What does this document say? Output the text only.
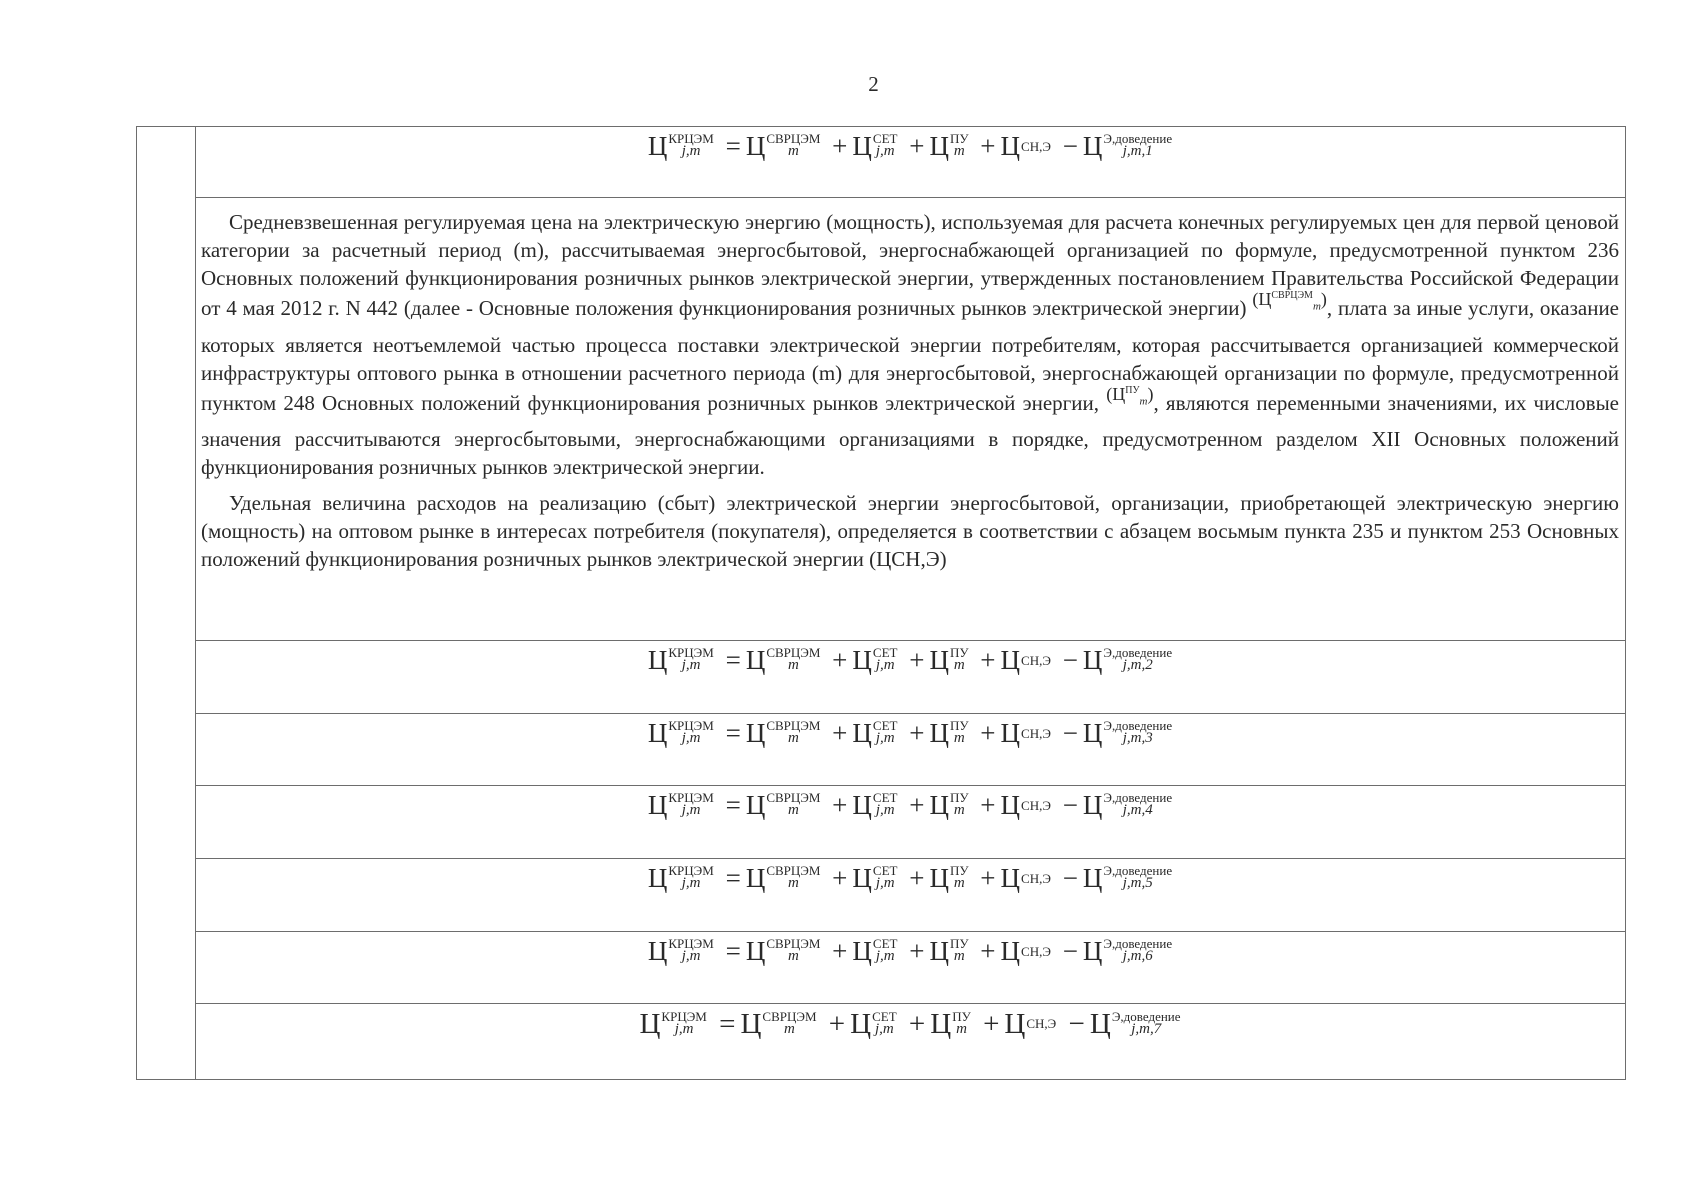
2
Ц КРЦЭМ
j,m = Ц СВРЦЭМ
m	+ Ц СЕТ
j,m + Ц ПУ
m + Ц СН,Э − Ц Э,доведение
j,m,1

Средневзвешенная регулируемая цена на электрическую энергию (мощность), используемая для расчета конечных регулируемых цен для первой ценовой категории за расчетный период (m), рассчитываемая энергосбытовой, энергоснабжающей организацией по формуле, предусмотренной пунктом 236 Основных положений функционирования розничных рынков электрической энергии, утвержденных постановлением Правительства Российской Федерации от 4 мая 2012 г. N 442 (далее - Основные положения функционирования розничных рынков электрической энергии) $(Ц^{СВРЦЭМ}_m)$, плата за иные услуги, оказание которых является неотъемлемой частью процесса поставки электрической энергии потребителям, которая рассчитывается организацией коммерческой инфраструктуры оптового рынка в отношении расчетного периода (m) для энергосбытовой, энергоснабжающей организации по формуле, предусмотренной пунктом 248 Основных положений функционирования розничных рынков электрической энергии, $(Ц^{ПУ}_m)$, являются переменными значениями, их числовые значения рассчитываются энергосбытовыми, энергоснабжающими организациями в порядке, предусмотренном разделом XII Основных положений функционирования розничных рынков электрической энергии.

Удельная величина расходов на реализацию (сбыт) электрической энергии энергосбытовой, организации, приобретающей электрическую энергию (мощность) на оптовом рынке в интересах потребителя (покупателя), определяется в соответствии с абзацем восьмым пункта 235 и пунктом 253 Основных положений функционирования розничных рынков электрической энергии (ЦСН,Э)

Ц КРЦЭМ
j,m = Ц СВРЦЭМ
m	+ Ц СЕТ
j,m + Ц ПУ
m + Ц СН,Э − Ц Э,доведение
j,m,2
Ц КРЦЭМ
j,m = Ц СВРЦЭМ
m	+ Ц СЕТ
j,m + Ц ПУ
m + Ц СН,Э − Ц Э,доведение
j,m,3
Ц КРЦЭМ
j,m = Ц СВРЦЭМ
m	+ Ц СЕТ
j,m + Ц ПУ
m + Ц СН,Э − Ц Э,доведение
j,m,4
Ц КРЦЭМ
j,m = Ц СВРЦЭМ
m	+ Ц СЕТ
j,m + Ц ПУ
m + Ц СН,Э − Ц Э,доведение
j,m,5
Ц КРЦЭМ
j,m = Ц СВРЦЭМ
m	+ Ц СЕТ
j,m + Ц ПУ
m + Ц СН,Э − Ц Э,доведение
j,m,6
Ц КРЦЭМ
j,m = Ц СВРЦЭМ
m	+ Ц СЕТ
j,m + Ц ПУ
m + Ц СН,Э − Ц Э,доведение
j,m,7
